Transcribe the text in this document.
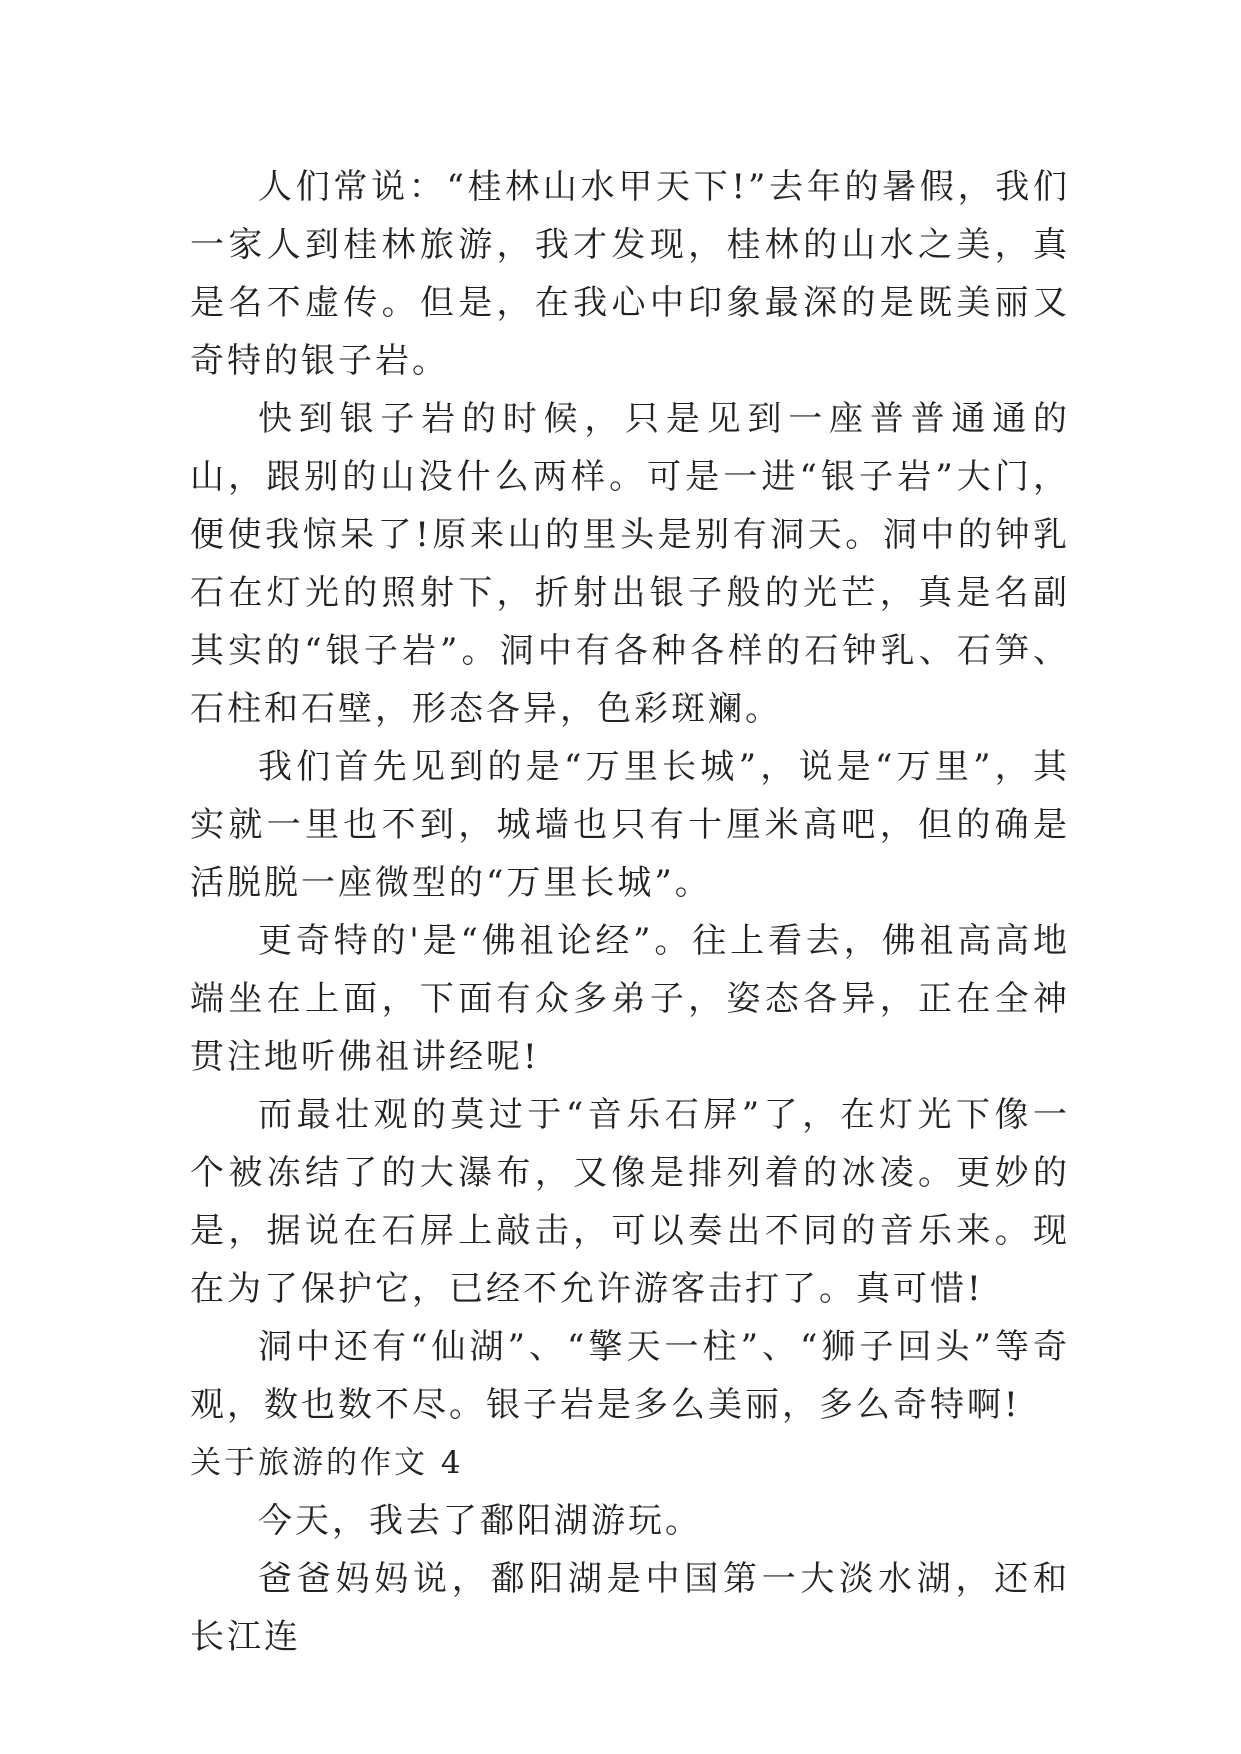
人们常说：“桂林山水甲天下!”去年的暑假，我们一家人到桂林旅游，我才发现，桂林的山水之美，真是名不虚传。但是，在我心中印象最深的是既美丽又奇特的银子岩。

快到银子岩的时候，只是见到一座普普通通的山，跟别的山没什么两样。可是一进“银子岩”大门，便使我惊呆了!原来山的里头是别有洞天。洞中的钟乳石在灯光的照射下，折射出银子般的光芒，真是名副其实的“银子岩”。洞中有各种各样的石钟乳、石笋、石柱和石壁，形态各异，色彩斑斓。

我们首先见到的是“万里长城”，说是“万里”，其实就一里也不到，城墙也只有十厘米高吧，但的确是活脱脱一座微型的“万里长城”。

更奇特的'是“佛祖论经”。往上看去，佛祖高高地端坐在上面，下面有众多弟子，姿态各异，正在全神贯注地听佛祖讲经呢!

而最壮观的莫过于“音乐石屏”了，在灯光下像一个被冻结了的大瀑布，又像是排列着的冰凌。更妙的是，据说在石屏上敲击，可以奏出不同的音乐来。现在为了保护它，已经不允许游客击打了。真可惜!

洞中还有“仙湖”、“擎天一柱”、“狮子回头”等奇观，数也数不尽。银子岩是多么美丽，多么奇特啊!

关于旅游的作文 4

今天，我去了鄱阳湖游玩。

爸爸妈妈说，鄱阳湖是中国第一大淡水湖，还和长江连
